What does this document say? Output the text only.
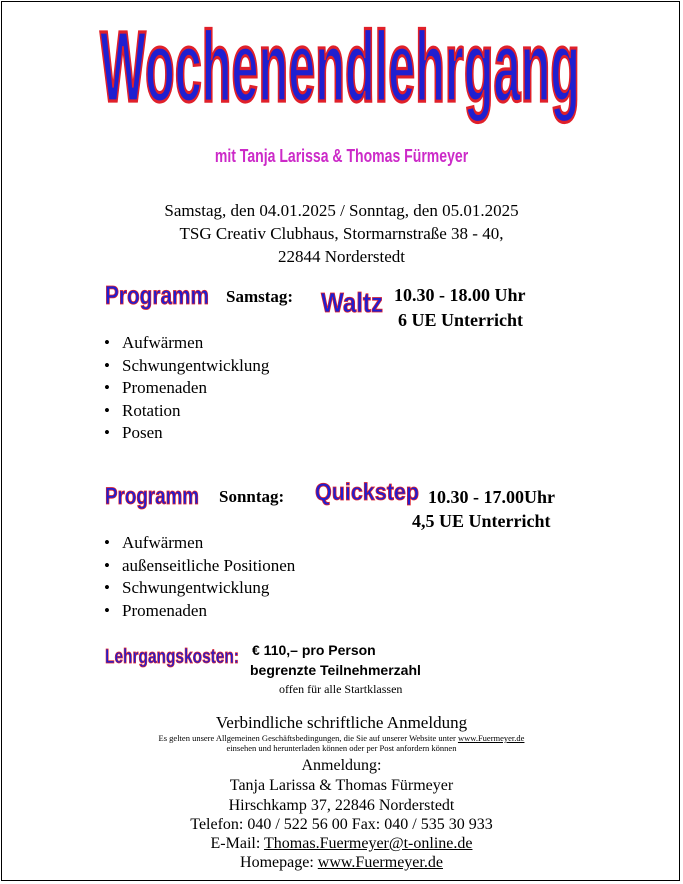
Wochenendlehrgang
mit Tanja Larissa & Thomas Fürmeyer
Samstag, den 04.01.2025 / Sonntag, den 05.01.2025
TSG Creativ Clubhaus, Stormarnstraße 38 - 40,
22844 Norderstedt
Programm Samstag: Waltz 10.30 - 18.00 Uhr
6 UE Unterricht
• Aufwärmen
• Schwungentwicklung
• Promenaden
• Rotation
• Posen
Programm Sonntag: Quickstep 10.30 - 17.00Uhr
4,5 UE Unterricht
• Aufwärmen
• außenseitliche Positionen
• Schwungentwicklung
• Promenaden
Lehrgangskosten: € 110,– pro Person
begrenzte Teilnehmerzahl
offen für alle Startklassen
Verbindliche schriftliche Anmeldung
Es gelten unsere Allgemeinen Geschäftsbedingungen, die Sie auf unserer Website unter www.Fuermeyer.de
einsehen und herunterladen können oder per Post anfordern können
Anmeldung:
Tanja Larissa & Thomas Fürmeyer
Hirschkamp 37, 22846 Norderstedt
Telefon: 040 / 522 56 00 Fax: 040 / 535 30 933
E-Mail: Thomas.Fuermeyer@t-online.de
Homepage: www.Fuermeyer.de
